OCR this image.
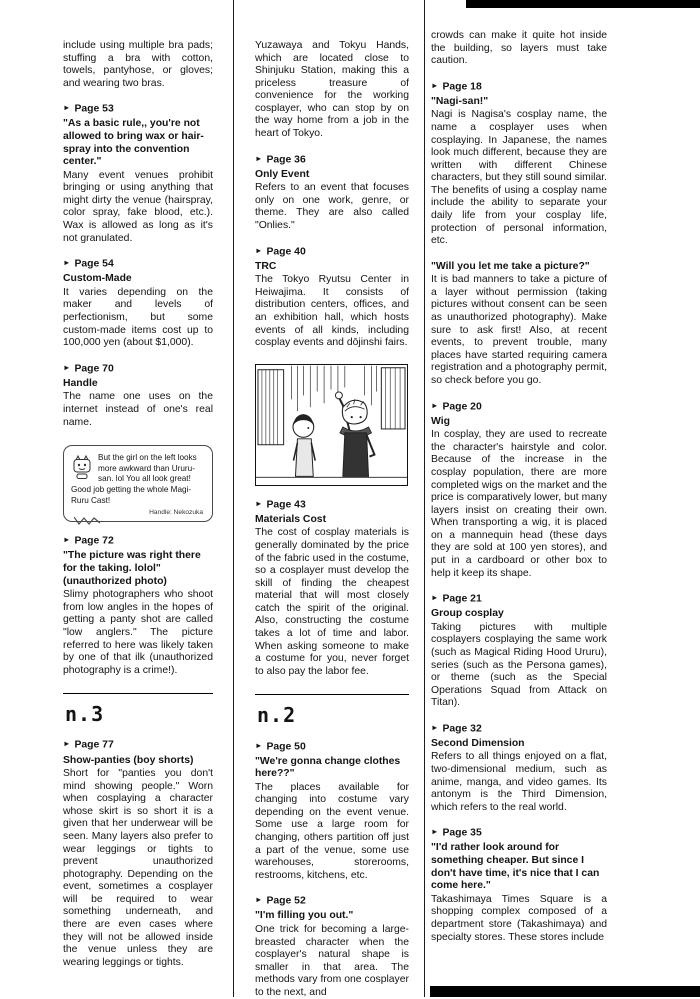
include using multiple bra pads; stuffing a bra with cotton, towels, pantyhose, or gloves; and wearing two bras.
► Page 53
"As a basic rule,, you're not allowed to bring wax or hair-spray into the convention center."
Many event venues prohibit bringing or using anything that might dirty the venue (hairspray, color spray, fake blood, etc.). Wax is allowed as long as it's not granulated.
► Page 54
Custom-Made
It varies depending on the maker and levels of perfectionism, but some custom-made items cost up to 100,000 yen (about $1,000).
► Page 70
Handle
The name one uses on the internet instead of one's real name.
But the girl on the left looks more awkward than Ururu-san. lol You all look great! Good job getting the whole Magi-Ruru Cast!
Handle: Nekozuka
► Page 72
"The picture was right there for the taking. lolol" (unauthorized photo)
Slimy photographers who shoot from low angles in the hopes of getting a panty shot are called "low anglers." The picture referred to here was likely taken by one of that ilk (unauthorized photography is a crime!).
n.3
► Page 77
Show-panties (boy shorts)
Short for "panties you don't mind showing people." Worn when cosplaying a character whose skirt is so short it is a given that her underwear will be seen. Many layers also prefer to wear leggings or tights to prevent unauthorized photography. Depending on the event, sometimes a cosplayer will be required to wear something underneath, and there are even cases where they will not be allowed inside the venue unless they are wearing leggings or tights.
Yuzawaya and Tokyu Hands, which are located close to Shinjuku Station, making this a priceless treasure of convenience for the working cosplayer, who can stop by on the way home from a job in the heart of Tokyo.
► Page 36
Only Event
Refers to an event that focuses only on one work, genre, or theme. They are also called "Onlies."
► Page 40
TRC
The Tokyo Ryutsu Center in Heiwajima. It consists of distribution centers, offices, and an exhibition hall, which hosts events of all kinds, including cosplay events and dōjinshi fairs.
► Page 43
Materials Cost
The cost of cosplay materials is generally dominated by the price of the fabric used in the costume, so a cosplayer must develop the skill of finding the cheapest material that will most closely catch the spirit of the original. Also, constructing the costume takes a lot of time and labor. When asking someone to make a costume for you, never forget to also pay the labor fee.
n.2
► Page 50
"We're gonna change clothes here??"
The places available for changing into costume vary depending on the event venue. Some use a large room for changing, others partition off just a part of the venue, some use warehouses, storerooms, restrooms, kitchens, etc.
► Page 52
"I'm filling you out."
One trick for becoming a large-breasted character when the cosplayer's natural shape is smaller in that area. The methods vary from one cosplayer to the next, and
crowds can make it quite hot inside the building, so layers must take caution.
► Page 18
"Nagi-san!"
Nagi is Nagisa's cosplay name, the name a cosplayer uses when cosplaying. In Japanese, the names look much different, because they are written with different Chinese characters, but they still sound similar. The benefits of using a cosplay name include the ability to separate your daily life from your cosplay life, protection of personal information, etc.
"Will you let me take a picture?"
It is bad manners to take a picture of a layer without permission (taking pictures without consent can be seen as unauthorized photography). Make sure to ask first! Also, at recent events, to prevent trouble, many places have started requiring camera registration and a photography permit, so check before you go.
► Page 20
Wig
In cosplay, they are used to recreate the character's hairstyle and color. Because of the increase in the cosplay population, there are more completed wigs on the market and the price is comparatively lower, but many layers insist on creating their own. When transporting a wig, it is placed on a mannequin head (these days they are sold at 100 yen stores), and put in a cardboard or other box to help it keep its shape.
► Page 21
Group cosplay
Taking pictures with multiple cosplayers cosplaying the same work (such as Magical Riding Hood Ururu), series (such as the Persona games), or theme (such as the Special Operations Squad from Attack on Titan).
► Page 32
Second Dimension
Refers to all things enjoyed on a flat, two-dimensional medium, such as anime, manga, and video games. Its antonym is the Third Dimension, which refers to the real world.
► Page 35
"I'd rather look around for something cheaper. But since I don't have time, it's nice that I can come here."
Takashimaya Times Square is a shopping complex composed of a department store (Takashimaya) and specialty stores. These stores include
